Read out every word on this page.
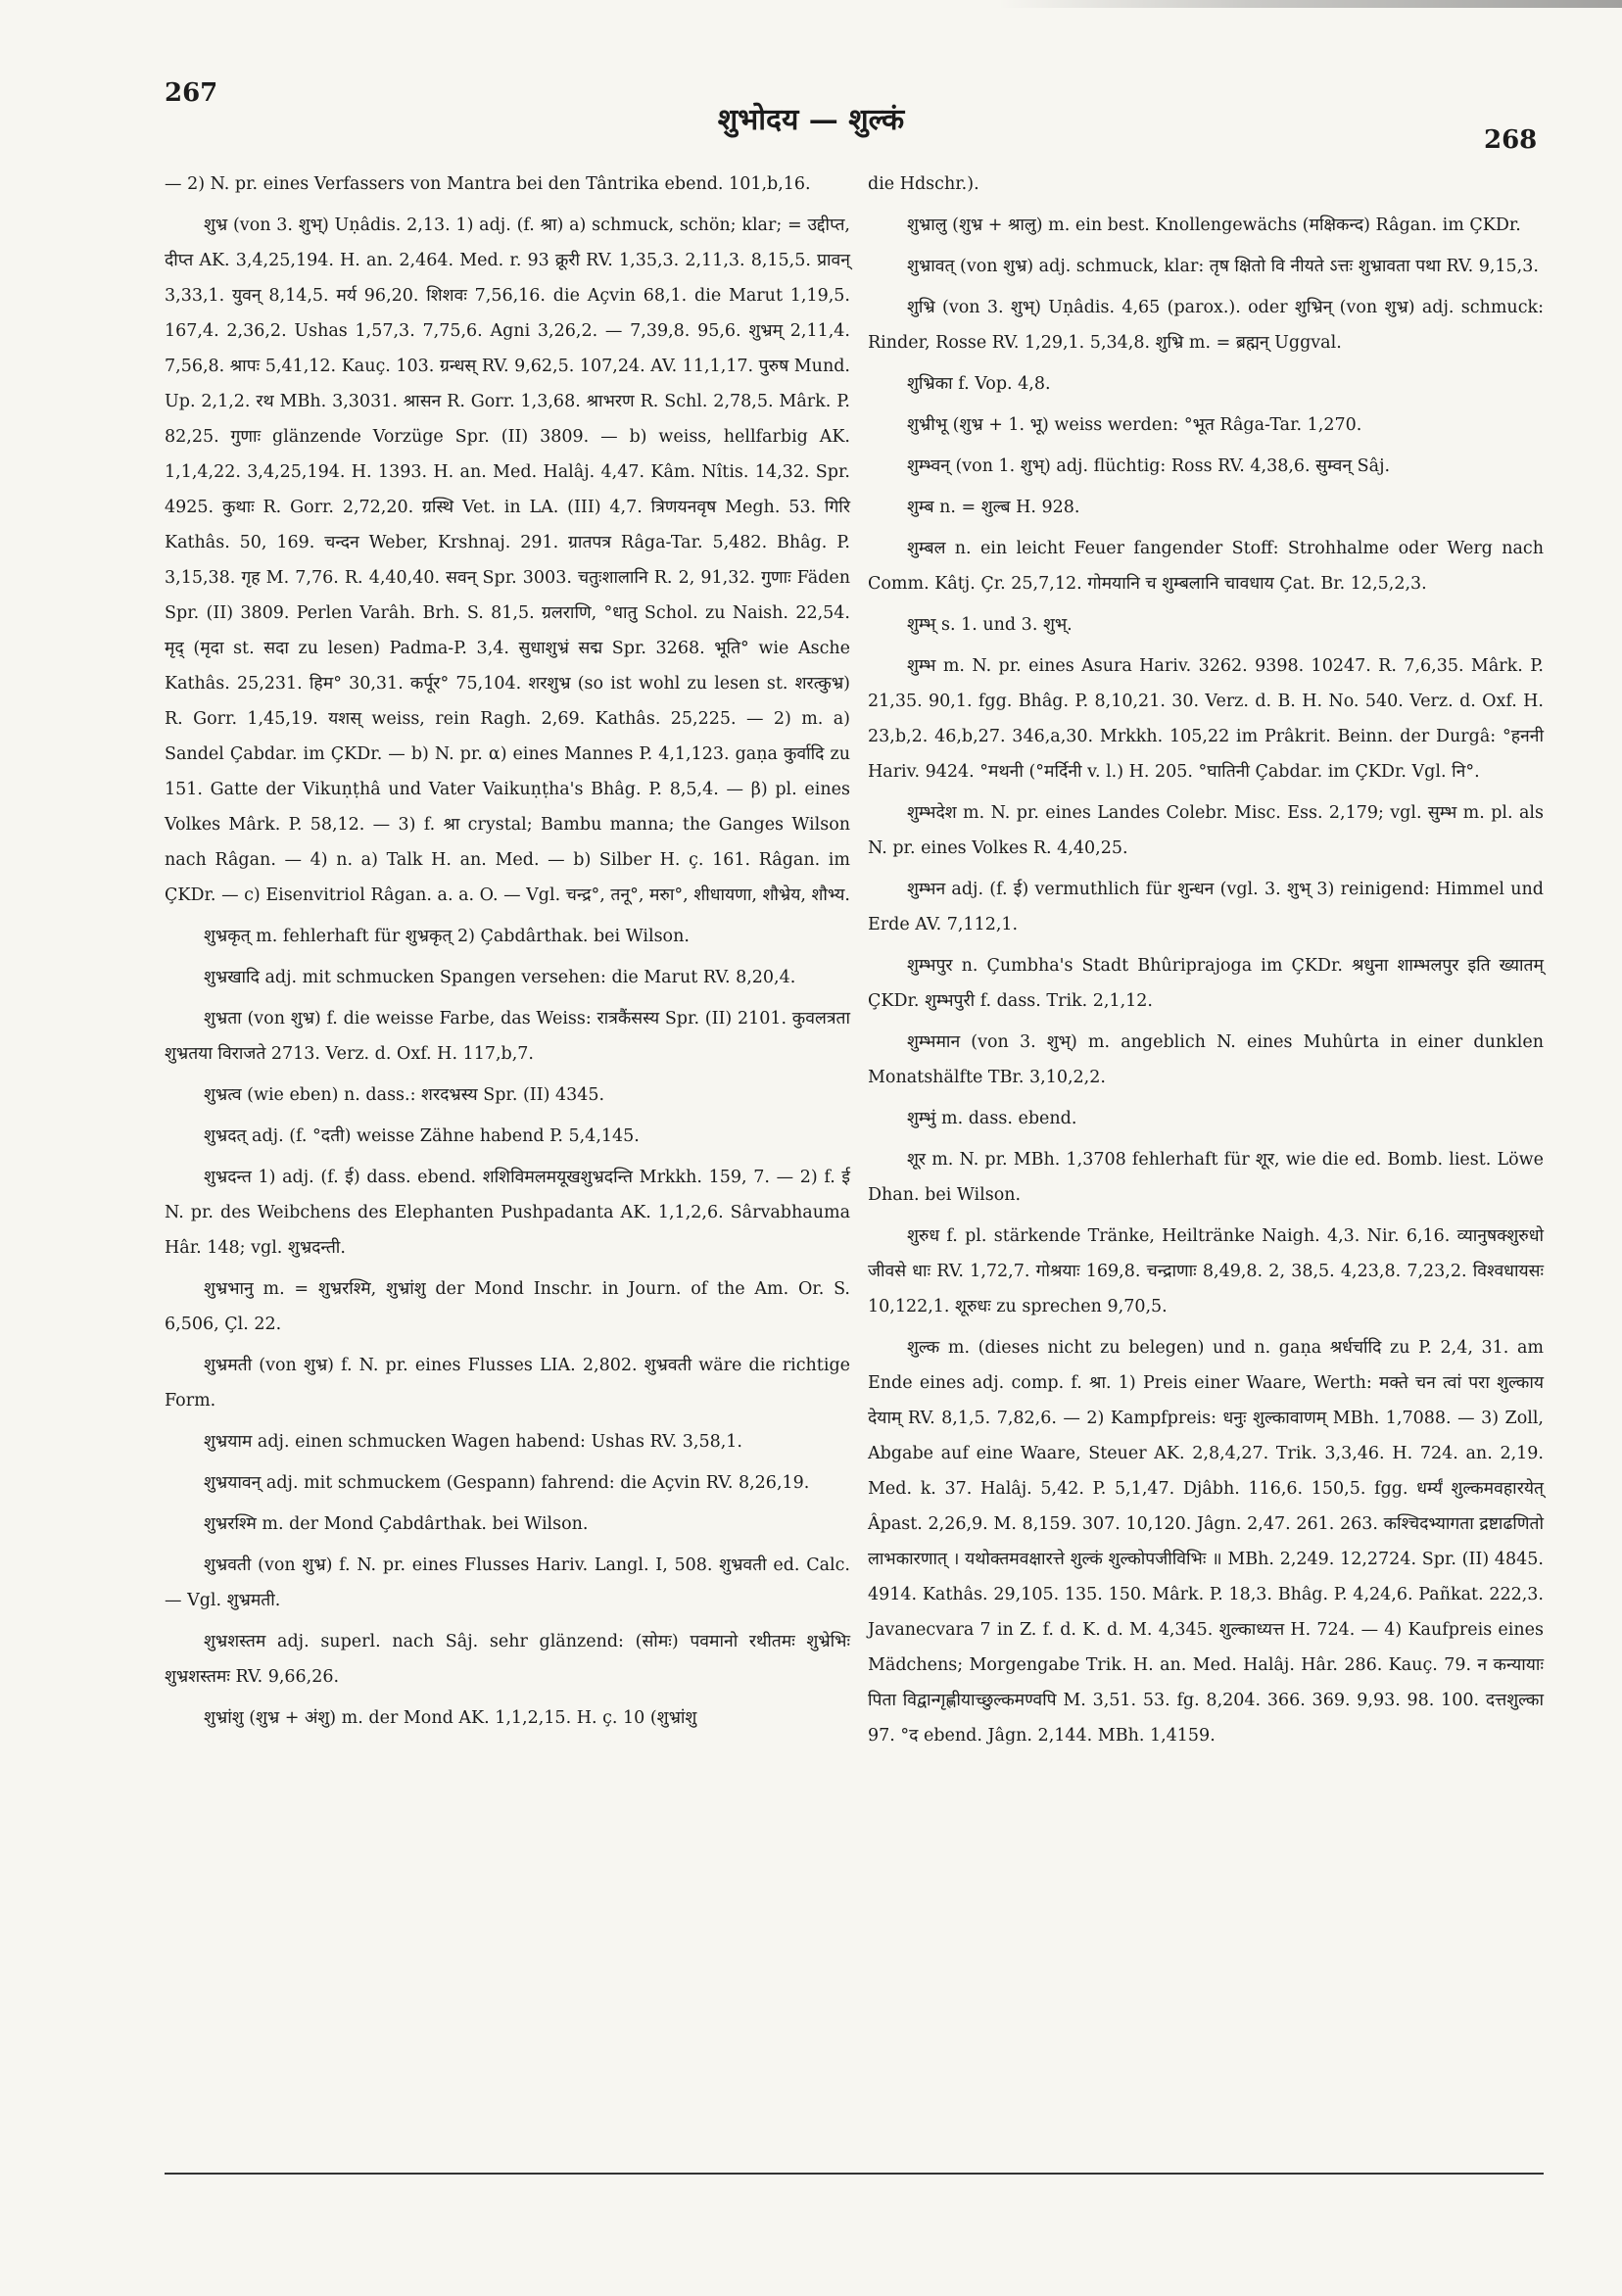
267
शुभोदय — शुल्कं
268

— 2) N. pr. eines Verfassers von Mantra bei den Tântrika ebend. 101,b,16.

शुभ्र (von 3. शुभ्) Uṇâdis. 2,13. 1) adj. (f. श्रा) a) schmuck, schön; klar; = उद्दीप्त, दीप्त AK. 3,4,25,194. H. an. 2,464. Med. r. 93 क्रूरी RV. 1,35,3. 2,11,3. 8,15,5. प्रावन् 3,33,1. युवन् 8,14,5. मर्य 96,20. शिशवः 7,56,16. die Açvin 68,1. die Marut 1,19,5. 167,4. 2,36,2. Ushas 1,57,3. 7,75,6. Agni 3,26,2. — 7,39,8. 95,6. शुभ्रम् 2,11,4. 7,56,8. श्रापः 5,41,12. Kauç. 103. ग्रन्धस् RV. 9,62,5. 107,24. AV. 11,1,17. पुरुष Mund. Up. 2,1,2. रथ MBh. 3,3031. श्रासन R. Gorr. 1,3,68. श्राभरण R. Schl. 2,78,5. Mârk. P. 82,25. गुणाः glänzende Vorzüge Spr. (II) 3809. — b) weiss, hellfarbig AK. 1,1,4,22. 3,4,25,194. H. 1393. H. an. Med. Halâj. 4,47. Kâm. Nîtis. 14,32. Spr. 4925. कुथाः R. Gorr. 2,72,20. ग्रस्थि Vet. in LA. (III) 4,7. त्रिणयनवृष Megh. 53. गिरि Kathâs. 50, 169. चन्दन Weber, Krshnaj. 291. ग्रातपत्र Râga-Tar. 5,482. Bhâg. P. 3,15,38. गृह M. 7,76. R. 4,40,40. सवन् Spr. 3003. चतुःशालानि R. 2, 91,32. गुणाः Fäden Spr. (II) 3809. Perlen Varâh. Brh. S. 81,5. ग्रलराणि, °धातु Schol. zu Naish. 22,54. मृद् (मृदा st. सदा zu lesen) Padma-P. 3,4. सुधाशुभ्रं सद्म Spr. 3268. भूति° wie Asche Kathâs. 25,231. हिम° 30,31. कर्पूर° 75,104. शरशुभ्र (so ist wohl zu lesen st. शरत्कुभ्र) R. Gorr. 1,45,19. यशस् weiss, rein Ragh. 2,69. Kathâs. 25,225. — 2) m. a) Sandel Çabdar. im ÇKDr. — b) N. pr. α) eines Mannes P. 4,1,123. gaṇa कुर्वादि zu 151. Gatte der Vikuṇṭhâ und Vater Vaikuṇṭha's Bhâg. P. 8,5,4. — β) pl. eines Volkes Mârk. P. 58,12. — 3) f. श्रा crystal; Bambu manna; the Ganges Wilson nach Râgan. — 4) n. a) Talk H. an. Med. — b) Silber H. ç. 161. Râgan. im ÇKDr. — c) Eisenvitriol Râgan. a. a. O. — Vgl. चन्द्र°, तनू°, मरुा°, शीधायणा, शौभ्रेय, शौभ्य.

शुभ्रकृत् m. fehlerhaft für शुभ्रकृत् 2) Çabdârthak. bei Wilson.

शुभ्रखादि adj. mit schmucken Spangen versehen: die Marut RV. 8,20,4.

शुभ्रता (von शुभ्र) f. die weisse Farbe, das Weiss: रात्रकैंसस्य Spr. (II) 2101. कुवलत्रता शुभ्रतया विराजते 2713. Verz. d. Oxf. H. 117,b,7.

शुभ्रत्व (wie eben) n. dass.: शरदभ्रस्य Spr. (II) 4345.

शुभ्रदत् adj. (f. °दती) weisse Zähne habend P. 5,4,145.

शुभ्रदन्त 1) adj. (f. ई) dass. ebend. शशिविमलमयूखशुभ्रदन्ति Mrkkh. 159, 7. — 2) f. ई N. pr. des Weibchens des Elephanten Pushpadanta AK. 1,1,2,6. Sârvabhauma Hâr. 148; vgl. शुभ्रदन्ती.

शुभ्रभानु m. = शुभ्ररश्मि, शुभ्रांशु der Mond Inschr. in Journ. of the Am. Or. S. 6,506, Çl. 22.

शुभ्रमती (von शुभ्र) f. N. pr. eines Flusses LIA. 2,802. शुभ्रवती wäre die richtige Form.

शुभ्रयाम adj. einen schmucken Wagen habend: Ushas RV. 3,58,1.

शुभ्रयावन् adj. mit schmuckem (Gespann) fahrend: die Açvin RV. 8,26,19.

शुभ्ररश्मि m. der Mond Çabdârthak. bei Wilson.

शुभ्रवती (von शुभ्र) f. N. pr. eines Flusses Hariv. Langl. I, 508. शुभ्रवती ed. Calc. — Vgl. शुभ्रमती.

शुभ्रशस्तम adj. superl. nach Sâj. sehr glänzend: (सोमः) पवमानो रथीतमः शुभ्रेभिः शुभ्रशस्तमः RV. 9,66,26.

शुभ्रांशु (शुभ्र + अंशु) m. der Mond AK. 1,1,2,15. H. ç. 10 (शुभ्रांशु

die Hdschr.).

शुभ्रालु (शुभ्र + श्रालु) m. ein best. Knollengewächs (मक्षिकन्द) Râgan. im ÇKDr.

शुभ्रावत् (von शुभ्र) adj. schmuck, klar: तृष क्षितो वि नीयते ऽत्तः शुभ्रावता पथा RV. 9,15,3.

शुभ्रि (von 3. शुभ्) Uṇâdis. 4,65 (parox.). oder शुभ्रिन् (von शुभ्र) adj. schmuck: Rinder, Rosse RV. 1,29,1. 5,34,8. शुभ्रि m. = ब्रह्मन् Uggval.

शुभ्रिका f. Vop. 4,8.

शुभ्रीभू (शुभ्र + 1. भू) weiss werden: °भूत Râga-Tar. 1,270.

शुम्भ्वन् (von 1. शुभ्) adj. flüchtig: Ross RV. 4,38,6. सुम्वन् Sâj.

शुम्ब n. = शुल्ब H. 928.

शुम्बल n. ein leicht Feuer fangender Stoff: Strohhalme oder Werg nach Comm. Kâtj. Çr. 25,7,12. गोमयानि च शुम्बलानि चावधाय Çat. Br. 12,5,2,3.

शुम्भ् s. 1. und 3. शुभ्.

शुम्भ m. N. pr. eines Asura Hariv. 3262. 9398. 10247. R. 7,6,35. Mârk. P. 21,35. 90,1. fgg. Bhâg. P. 8,10,21. 30. Verz. d. B. H. No. 540. Verz. d. Oxf. H. 23,b,2. 46,b,27. 346,a,30. Mrkkh. 105,22 im Prâkrit. Beinn. der Durgâ: °हननी Hariv. 9424. °मथनी (°मर्दिनी v. l.) H. 205. °घातिनी Çabdar. im ÇKDr. Vgl. नि°.

शुम्भदेश m. N. pr. eines Landes Colebr. Misc. Ess. 2,179; vgl. सुम्भ m. pl. als N. pr. eines Volkes R. 4,40,25.

शुम्भन adj. (f. ई) vermuthlich für शुन्धन (vgl. 3. शुभ् 3) reinigend: Himmel und Erde AV. 7,112,1.

शुम्भपुर n. Çumbha's Stadt Bhûriprajoga im ÇKDr. श्रधुना शाम्भलपुर इति ख्यातम् ÇKDr. शुम्भपुरी f. dass. Trik. 2,1,12.

शुम्भमान (von 3. शुभ्) m. angeblich N. eines Muhûrta in einer dunklen Monatshälfte TBr. 3,10,2,2.

शुम्भुं m. dass. ebend.

शूर m. N. pr. MBh. 1,3708 fehlerhaft für शूर, wie die ed. Bomb. liest. Löwe Dhan. bei Wilson.

शुरुध f. pl. stärkende Tränke, Heiltränke Naigh. 4,3. Nir. 6,16. व्यानुषक्शुरुधो जीवसे धाः RV. 1,72,7. गोश्रयाः 169,8. चन्द्राणाः 8,49,8. 2, 38,5. 4,23,8. 7,23,2. विश्वधायसः 10,122,1. शूरुधः zu sprechen 9,70,5.

शुल्क m. (dieses nicht zu belegen) und n. gaṇa श्रर्धर्चादि zu P. 2,4, 31. am Ende eines adj. comp. f. श्रा. 1) Preis einer Waare, Werth: मक्ते चन त्वां परा शुल्काय देयाम् RV. 8,1,5. 7,82,6. — 2) Kampfpreis: धनुः शुल्कावाणम् MBh. 1,7088. — 3) Zoll, Abgabe auf eine Waare, Steuer AK. 2,8,4,27. Trik. 3,3,46. H. 724. an. 2,19. Med. k. 37. Halâj. 5,42. P. 5,1,47. Djâbh. 116,6. 150,5. fgg. धर्म्यं शुल्कमवहारयेत् Âpast. 2,26,9. M. 8,159. 307. 10,120. Jâgn. 2,47. 261. 263. कश्चिदभ्यागता द्रष्टाढणितो लाभकारणात् । यथोक्तमवक्षारत्ते शुल्कं शुल्कोपजीविभिः ॥ MBh. 2,249. 12,2724. Spr. (II) 4845. 4914. Kathâs. 29,105. 135. 150. Mârk. P. 18,3. Bhâg. P. 4,24,6. Pañkat. 222,3. Javanecvara 7 in Z. f. d. K. d. M. 4,345. शुल्काध्यत्त H. 724. — 4) Kaufpreis eines Mädchens; Morgengabe Trik. H. an. Med. Halâj. Hâr. 286. Kauç. 79. न कन्यायाः पिता विद्वान्गृह्णीयाच्छुल्कमण्वपि M. 3,51. 53. fg. 8,204. 366. 369. 9,93. 98. 100. दत्तशुल्का 97. °द ebend. Jâgn. 2,144. MBh. 1,4159.
